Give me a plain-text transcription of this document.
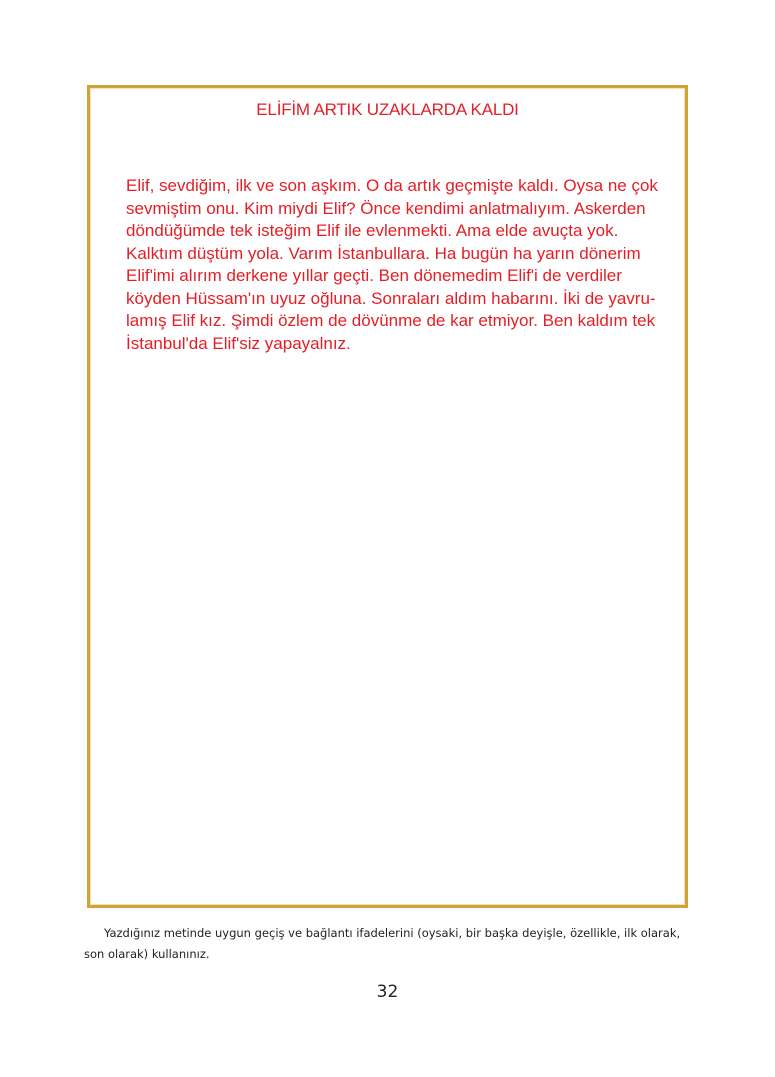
ELİFİM ARTIK UZAKLARDA KALDI

Elif, sevdiğim, ilk ve son aşkım. O da artık geçmişte kaldı. Oysa ne çok
sevmiştim onu. Kim miydi Elif? Önce kendimi anlatmalıyım. Askerden
döndüğümde tek isteğim Elif ile evlenmekti. Ama elde avuçta yok.
Kalktım düştüm yola. Varım İstanbullara. Ha bugün ha yarın dönerim
Elif'imi alırım derkene yıllar geçti. Ben dönemedim Elif'i de verdiler
köyden Hüssam'ın uyuz oğluna. Sonraları aldım habarını. İki de yavru-
lamış Elif kız. Şimdi özlem de dövünme de kar etmiyor. Ben kaldım tek
İstanbul'da Elif'siz yapayalnız.

Yazdığınız metinde uygun geçiş ve bağlantı ifadelerini (oysaki, bir başka deyişle, özellikle, ilk olarak,
son olarak) kullanınız.

32
